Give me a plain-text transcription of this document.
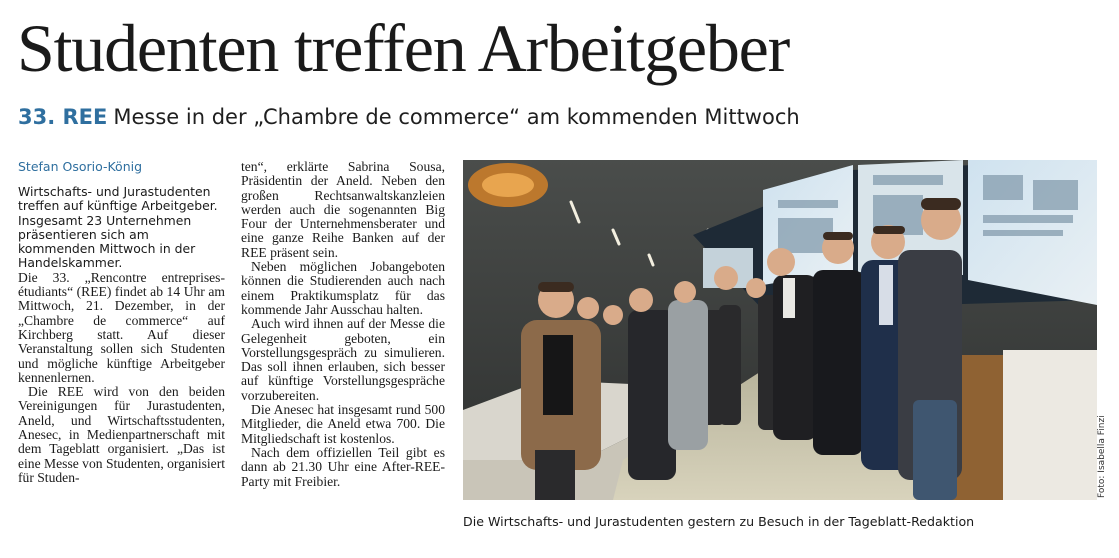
Studenten treffen Arbeitgeber
33. REE Messe in der „Chambre de commerce“ am kommenden Mittwoch
Stefan Osorio-König

Wirtschafts- und Jurastudenten treffen auf künftige Arbeitgeber. Insgesamt 23 Unternehmen präsentieren sich am kommenden Mittwoch in der Handelskammer.

Die 33. „Rencontre entreprises-étudiants“ (REE) findet ab 14 Uhr am Mittwoch, 21. Dezember, in der „Chambre de commerce“ auf Kirchberg statt. Auf dieser Veranstaltung sollen sich Studenten und mögliche künftige Arbeitgeber kennenlernen.

Die REE wird von den beiden Vereinigungen für Jurastudenten, Aneld, und Wirtschaftsstudenten, Anesec, in Medienpartnerschaft mit dem Tageblatt organisiert. „Das ist eine Messe von Studenten, organisiert für Studen-

ten“, erklärte Sabrina Sousa, Präsidentin der Aneld. Neben den großen Rechtsanwaltskanzleien werden auch die sogenannten Big Four der Unternehmensberater und eine ganze Reihe Banken auf der REE präsent sein.

Neben möglichen Jobangeboten können die Studierenden auch nach einem Praktikumsplatz für das kommende Jahr Ausschau halten.

Auch wird ihnen auf der Messe die Gelegenheit geboten, ein Vorstellungsgespräch zu simulieren. Das soll ihnen erlauben, sich besser auf künftige Vorstellungsgespräche vorzubereiten.

Die Anesec hat insgesamt rund 500 Mitglieder, die Aneld etwa 700. Die Mitgliedschaft ist kostenlos.

Nach dem offiziellen Teil gibt es dann ab 21.30 Uhr eine After-REE-Party mit Freibier.	Foto: Isabella Finzi
Die Wirtschafts- und Jurastudenten gestern zu Besuch in der Tageblatt-Redaktion
